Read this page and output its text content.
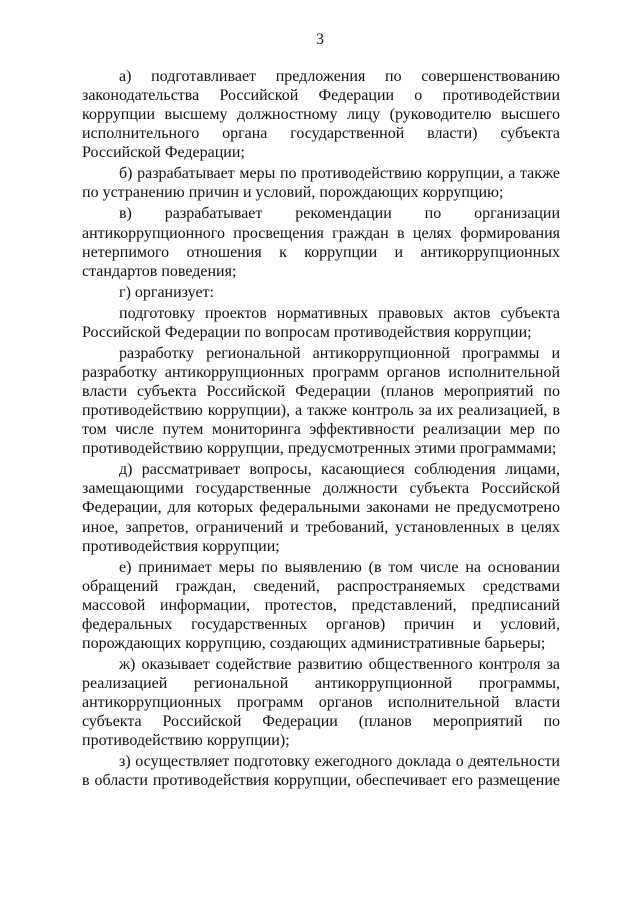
3

а) подготавливает предложения по совершенствованию законодательства Российской Федерации о противодействии коррупции высшему должностному лицу (руководителю высшего исполнительного органа государственной власти) субъекта Российской Федерации;

б) разрабатывает меры по противодействию коррупции, а также по устранению причин и условий, порождающих коррупцию;

в) разрабатывает рекомендации по организации антикоррупционного просвещения граждан в целях формирования нетерпимого отношения к коррупции и антикоррупционных стандартов поведения;

г) организует:

подготовку проектов нормативных правовых актов субъекта Российской Федерации по вопросам противодействия коррупции;

разработку региональной антикоррупционной программы и разработку антикоррупционных программ органов исполнительной власти субъекта Российской Федерации (планов мероприятий по противодействию коррупции), а также контроль за их реализацией, в том числе путем мониторинга эффективности реализации мер по противодействию коррупции, предусмотренных этими программами;

д) рассматривает вопросы, касающиеся соблюдения лицами, замещающими государственные должности субъекта Российской Федерации, для которых федеральными законами не предусмотрено иное, запретов, ограничений и требований, установленных в целях противодействия коррупции;

е) принимает меры по выявлению (в том числе на основании обращений граждан, сведений, распространяемых средствами массовой информации, протестов, представлений, предписаний федеральных государственных органов) причин и условий, порождающих коррупцию, создающих административные барьеры;

ж) оказывает содействие развитию общественного контроля за реализацией региональной антикоррупционной программы, антикоррупционных программ органов исполнительной власти субъекта Российской Федерации (планов мероприятий по противодействию коррупции);

з) осуществляет подготовку ежегодного доклада о деятельности в области противодействия коррупции, обеспечивает его размещение
